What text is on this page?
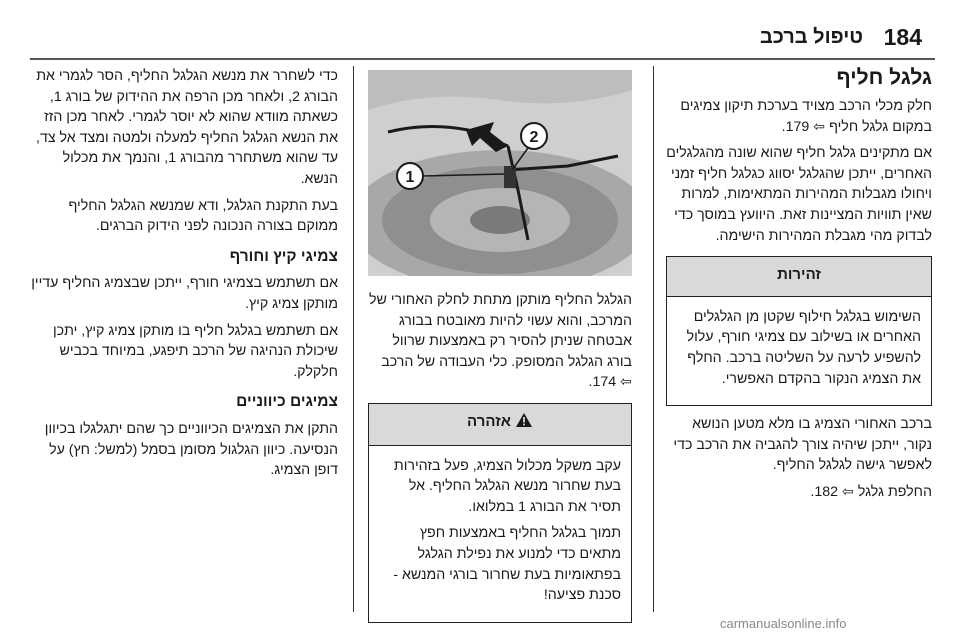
184
טיפול ברכב
גלגל חליף

חלק מכלי הרכב מצויד בערכת תיקון צמיגים במקום גלגל חליף ⇦ 179.

אם מתקינים גלגל חליף שהוא שונה מהגלגלים האחרים, ייתכן שהגלגל יסווג כגלגל חליף זמני ויחולו מגבלות המהירות המתאימות, למרות שאין תוויות המציינות זאת. היוועץ במוסך כדי לבדוק מהי מגבלת המהירות הישימה.

זהירות

השימוש בגלגל חילוף שקטן מן הגלגלים האחרים או בשילוב עם צמיגי חורף, עלול להשפיע לרעה על השליטה ברכב. החלף את הצמיג הנקור בהקדם האפשרי.

ברכב האחורי הצמיג בו מלא מטען הנושא נקור, ייתכן שיהיה צורך להגביה את הרכב כדי לאפשר גישה לגלגל החליף.

החלפת גלגל ⇦ 182.

1
2

הגלגל החליף מותקן מתחת לחלק האחורי של המרכב, והוא עשוי להיות מאובטח בבורג אבטחה שניתן להסיר רק באמצעות שרוול בורג הגלגל המסופק. כלי העבודה של הרכב ⇦ 174.

אזהרה

עקב משקל מכלול הצמיג, פעל בזהירות בעת שחרור מנשא הגלגל החליף. אל תסיר את הבורג 1 במלואו.

תמוך בגלגל החליף באמצעות חפץ מתאים כדי למנוע את נפילת הגלגל בפתאומיות בעת שחרור בורגי המנשא - סכנת פציעה!

כדי לשחרר את מנשא הגלגל החליף, הסר לגמרי את הבורג 2, ולאחר מכן הרפה את ההידוק של בורג 1, כשאתה מוודא שהוא לא יוסר לגמרי. לאחר מכן הזז את הנשא הגלגל החליף למעלה ולמטה ומצד אל צד, עד שהוא משתחרר מהבורג 1, והנמך את מכלול הנשא.

בעת התקנת הגלגל, ודא שמנשא הגלגל החליף ממוקם בצורה הנכונה לפני הידוק הברגים.

צמיגי קיץ וחורף

אם תשתמש בצמיגי חורף, ייתכן שבצמיג החליף עדיין מותקן צמיג קיץ.

אם תשתמש בגלגל חליף בו מותקן צמיג קיץ, יתכן שיכולת הנהיגה של הרכב תיפגע, במיוחד בכביש חלקלק.

צמיגים כיווניים

התקן את הצמיגים הכיווניים כך שהם יתגלגלו בכיוון הנסיעה. כיוון הגלגול מסומן בסמל (למשל: חץ) על דופן הצמיג.

carmanualsonline.info
